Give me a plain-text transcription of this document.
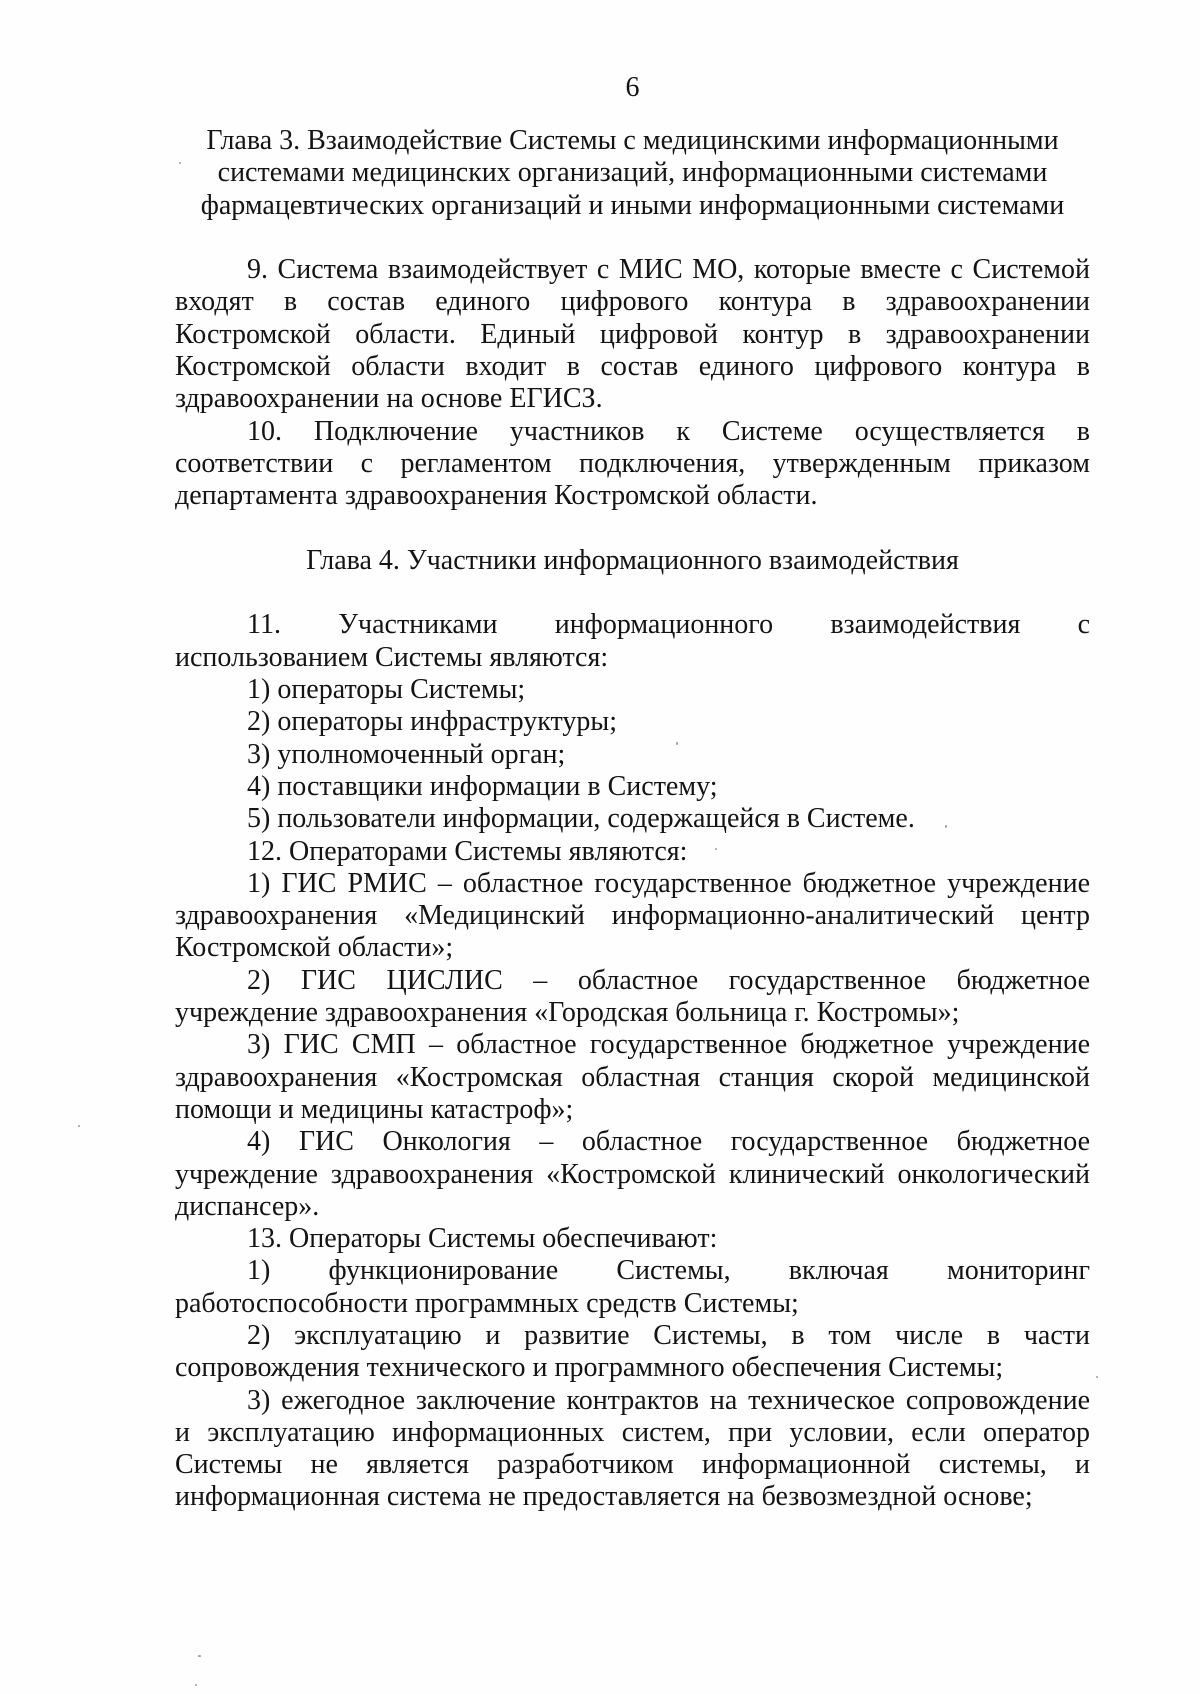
6
Глава 3. Взаимодействие Системы с медицинскими информационными
системами медицинских организаций, информационными системами
фармацевтических организаций и иными информационными системами
9. Система взаимодействует с МИС МО, которые вместе с Системой
входят в состав единого цифрового контура в здравоохранении
Костромской области. Единый цифровой контур в здравоохранении
Костромской области входит в состав единого цифрового контура в
здравоохранении на основе ЕГИСЗ.
10. Подключение участников к Системе осуществляется в
соответствии с регламентом подключения, утвержденным приказом
департамента здравоохранения Костромской области.
Глава 4. Участники информационного взаимодействия
11. Участниками информационного взаимодействия с
использованием Системы являются:
1) операторы Системы;
2) операторы инфраструктуры;
3) уполномоченный орган;
4) поставщики информации в Систему;
5) пользователи информации, содержащейся в Системе.
12. Операторами Системы являются:
1) ГИС РМИС – областное государственное бюджетное учреждение
здравоохранения «Медицинский информационно-аналитический центр
Костромской области»;
2) ГИС ЦИСЛИС – областное государственное бюджетное
учреждение здравоохранения «Городская больница г. Костромы»;
3) ГИС СМП – областное государственное бюджетное учреждение
здравоохранения «Костромская областная станция скорой медицинской
помощи и медицины катастроф»;
4) ГИС Онкология – областное государственное бюджетное
учреждение здравоохранения «Костромской клинический онкологический
диспансер».
13. Операторы Системы обеспечивают:
1) функционирование Системы, включая мониторинг
работоспособности программных средств Системы;
2) эксплуатацию и развитие Системы, в том числе в части
сопровождения технического и программного обеспечения Системы;
3) ежегодное заключение контрактов на техническое сопровождение
и эксплуатацию информационных систем, при условии, если оператор
Системы не является разработчиком информационной системы, и
информационная система не предоставляется на безвозмездной основе;
